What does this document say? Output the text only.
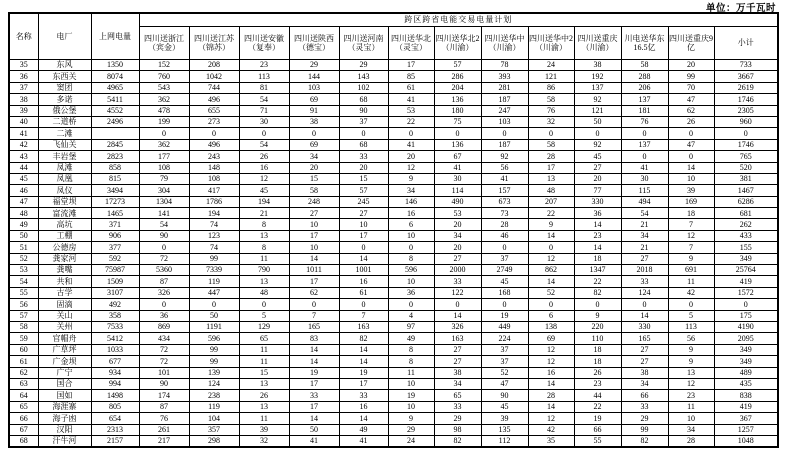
单位：万千瓦时
名称	电厂	上网电量	跨区跨省电能交易电量计划												

四川送浙江
（宾金）

四川送江苏
（锦苏）

四川送安徽
（复奉）

四川送陕西
（德宝）

四川送河南
（灵宝）

四川送华北
（灵宝）

四川送华北2
（川渝）

四川送华中
（川渝）

四川送华中2
（川渝）

四川送重庆
（川渝）

川电送华东
16.5亿

四川送重庆9
亿

小计

35	东风	1350	152	208	23	29	29	17	57	78	24	38	58	20	733
36	东西关	8074	760	1042	113	144	143	85	286	393	121	192	288	99	3667
37	窦团	4965	543	744	81	103	102	61	204	281	86	137	206	70	2619
38	多诺	5411	362	496	54	69	68	41	136	187	58	92	137	47	1746
39	俄公堡	4552	478	655	71	91	90	53	180	247	76	121	181	62	2305
40	二道桥	2496	199	273	30	38	37	22	75	103	32	50	76	26	960
41	二滩		0	0	0	0	0	0	0	0	0	0	0	0	0
42	飞仙关	2845	362	496	54	69	68	41	136	187	58	92	137	47	1746
43	丰岩堡	2823	177	243	26	34	33	20	67	92	28	45	0	0	765
44	凤滩	858	108	148	16	20	20	12	41	56	17	27	41	14	520
45	凤凰	815	79	108	12	15	15	9	30	41	13	20	30	10	381
46	凤仪	3494	304	417	45	58	57	34	114	157	48	77	115	39	1467
47	福堂坝	17273	1304	1786	194	248	245	146	490	673	207	330	494	169	6286
48	富流滩	1465	141	194	21	27	27	16	53	73	22	36	54	18	681
49	高坑	371	54	74	8	10	10	6	20	28	9	14	21	7	262
50	工棚	906	90	123	13	17	17	10	34	46	14	23	34	12	433
51	公德房	377	0	74	8	10	0	0	20	0	0	14	21	7	155
52	龚家河	592	72	99	11	14	14	8	27	37	12	18	27	9	349
53	龚嘴	75987	5360	7339	790	1011	1001	596	2000	2749	862	1347	2018	691	25764
54	共和	1509	87	119	13	17	16	10	33	45	14	22	33	11	419
55	古学	3107	326	447	48	62	61	36	122	168	52	82	124	42	1572
56	固滴	492	0	0	0	0	0	0	0	0	0	0	0	0	0
57	关山	358	36	50	5	7	7	4	14	19	6	9	14	5	175
58	关州	7533	869	1191	129	165	163	97	326	449	138	220	330	113	4190
59	官帽舟	5412	434	596	65	83	82	49	163	224	69	110	165	56	2095
60	广草坪	1033	72	99	11	14	14	8	27	37	12	18	27	9	349
61	广金坝	677	72	99	11	14	14	8	27	37	12	18	27	9	349
62	广宁	934	101	139	15	19	19	11	38	52	16	26	38	13	489
63	国合	994	90	124	13	17	17	10	34	47	14	23	34	12	435
64	国如	1498	174	238	26	33	33	19	65	90	28	44	66	23	838
65	海涯寨	805	87	119	13	17	16	10	33	45	14	22	33	11	419
66	海子凼	654	76	104	11	14	14	9	29	39	12	19	29	10	367
67	汉阳	2313	261	357	39	50	49	29	98	135	42	66	99	34	1257
68	汗牛河	2157	217	298	32	41	41	24	82	112	35	55	82	28	1048
